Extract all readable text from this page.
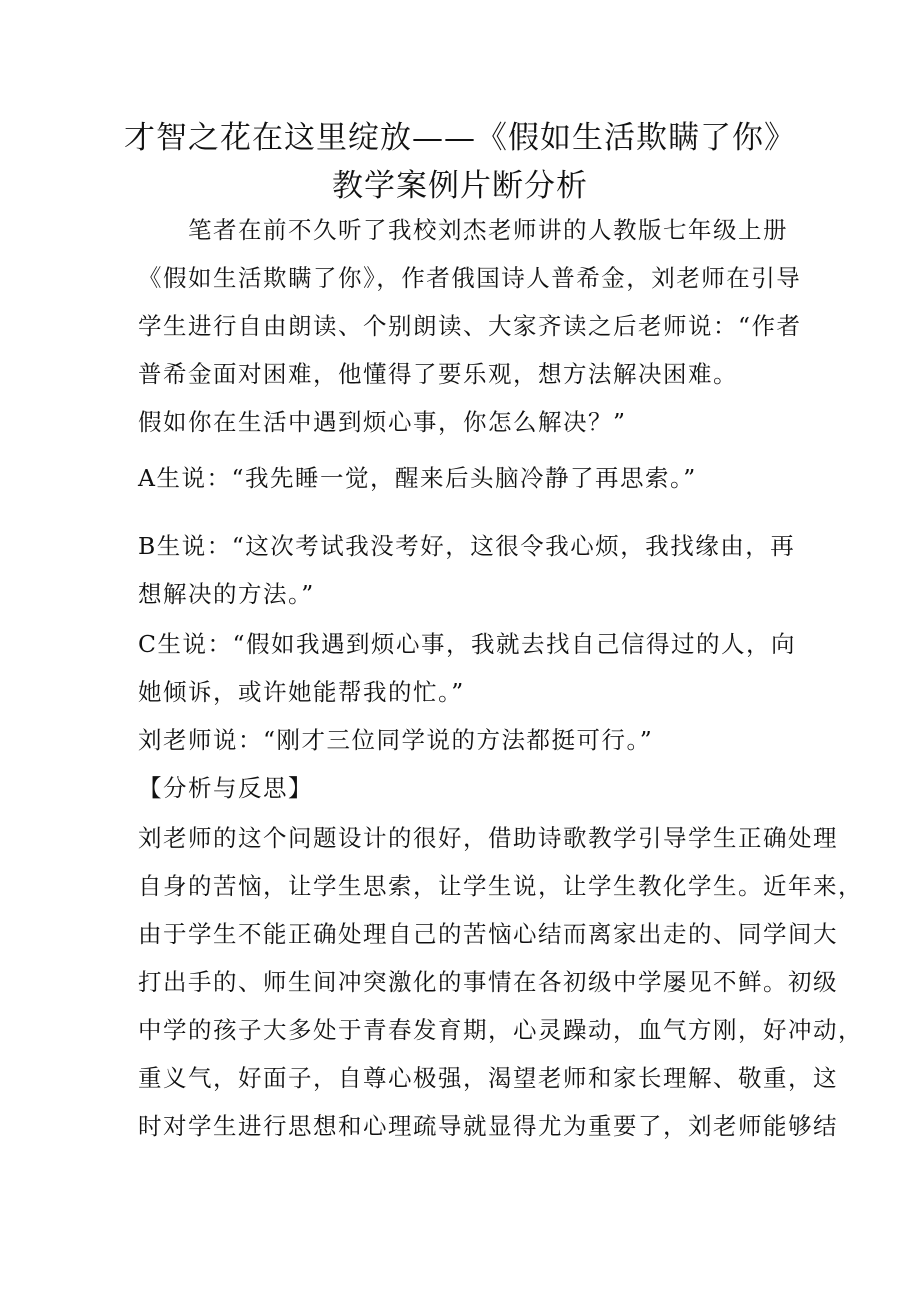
才智之花在这里绽放——《假如生活欺瞒了你》
教学案例片断分析
　　笔者在前不久听了我校刘杰老师讲的人教版七年级上册
《假如生活欺瞒了你》，作者俄国诗人普希金，刘老师在引导
学生进行自由朗读、个别朗读、大家齐读之后老师说：“作者
普希金面对困难，他懂得了要乐观，想方法解决困难。
假如你在生活中遇到烦心事，你怎么解决？”
A生说：“我先睡一觉，醒来后头脑冷静了再思索。”
B生说：“这次考试我没考好，这很令我心烦，我找缘由，再
想解决的方法。”
C生说：“假如我遇到烦心事，我就去找自己信得过的人，向
她倾诉，或许她能帮我的忙。”
刘老师说：“刚才三位同学说的方法都挺可行。”
【分析与反思】
刘老师的这个问题设计的很好，借助诗歌教学引导学生正确处理
自身的苦恼，让学生思索，让学生说，让学生教化学生。近年来，
由于学生不能正确处理自己的苦恼心结而离家出走的、同学间大
打出手的、师生间冲突激化的事情在各初级中学屡见不鲜。初级
中学的孩子大多处于青春发育期，心灵躁动，血气方刚，好冲动，
重义气，好面子，自尊心极强，渴望老师和家长理解、敬重，这
时对学生进行思想和心理疏导就显得尤为重要了，刘老师能够结
